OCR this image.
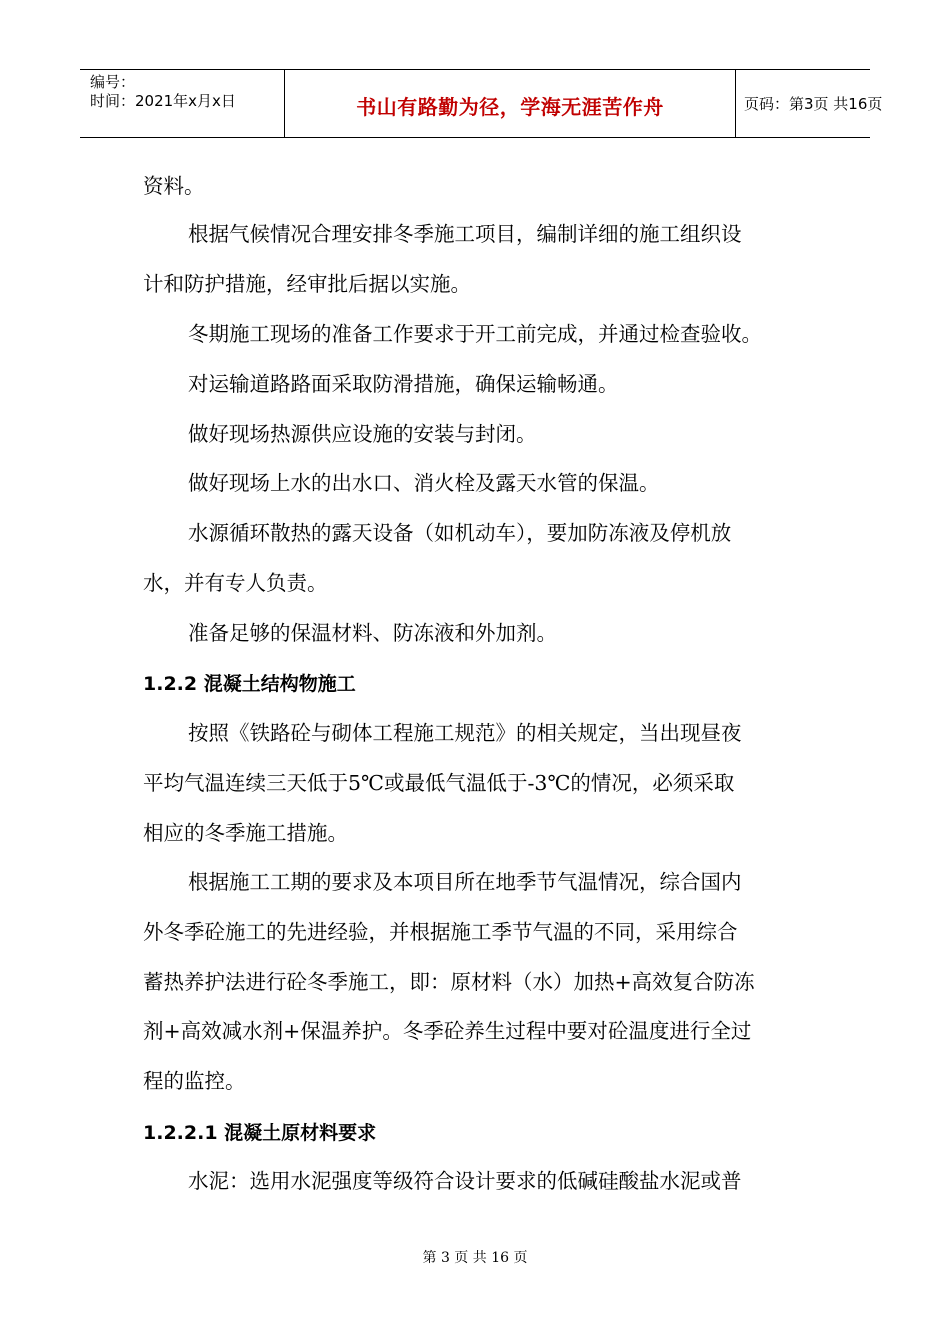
编号：
时间：2021年x月x日	书山有路勤为径，学海无涯苦作舟	页码：第3页 共16页
资料。
根据气候情况合理安排冬季施工项目，编制详细的施工组织设
计和防护措施，经审批后据以实施。
冬期施工现场的准备工作要求于开工前完成，并通过检查验收。
对运输道路路面采取防滑措施，确保运输畅通。
做好现场热源供应设施的安装与封闭。
做好现场上水的出水口、消火栓及露天水管的保温。
水源循环散热的露天设备（如机动车），要加防冻液及停机放
水，并有专人负责。
准备足够的保温材料、防冻液和外加剂。
1.2.2 混凝土结构物施工
按照《铁路砼与砌体工程施工规范》的相关规定，当出现昼夜
平均气温连续三天低于5℃或最低气温低于-3℃的情况，必须采取
相应的冬季施工措施。
根据施工工期的要求及本项目所在地季节气温情况，综合国内
外冬季砼施工的先进经验，并根据施工季节气温的不同，采用综合
蓄热养护法进行砼冬季施工，即：原材料（水）加热+高效复合防冻
剂+高效减水剂+保温养护。冬季砼养生过程中要对砼温度进行全过
程的监控。
1.2.2.1 混凝土原材料要求
水泥：选用水泥强度等级符合设计要求的低碱硅酸盐水泥或普
第 3 页 共 16 页
